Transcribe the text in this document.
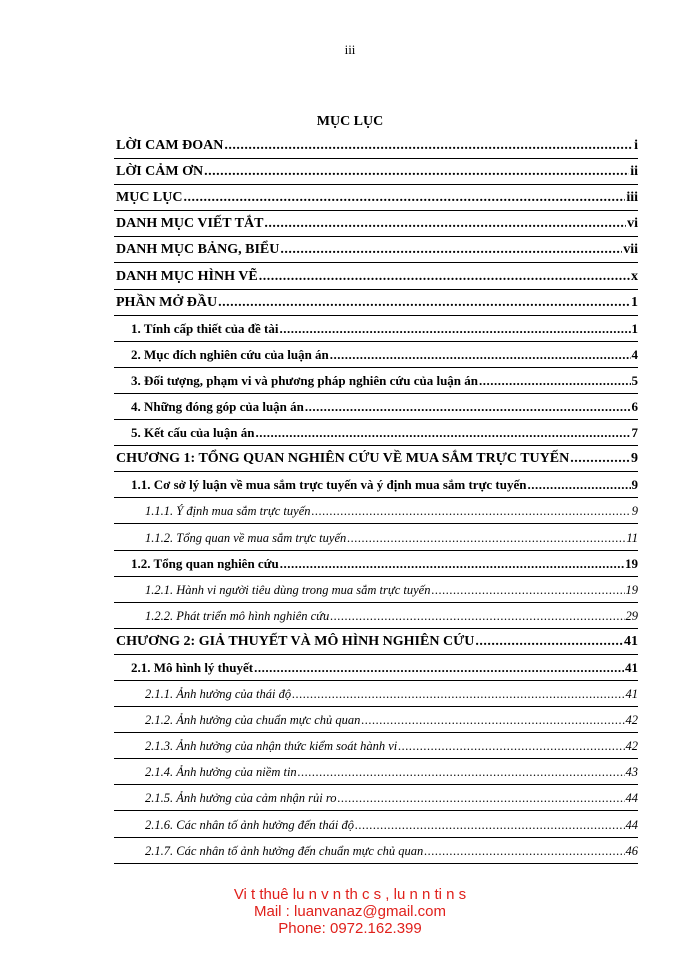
iii
MỤC LỤC
LỜI CAM ĐOAN .....	i
LỜI CẢM ƠN .....	ii
MỤC LỤC .....	iii
DANH MỤC VIẾT TẮT .....	vi
DANH MỤC BẢNG, BIỂU .....	vii
DANH MỤC HÌNH VẼ .....	x
PHẦN MỞ ĐẦU .....	1
1. Tính cấp thiết của đề tài .....	1
2. Mục đích nghiên cứu của luận án .....	4
3. Đối tượng, phạm vi và phương pháp nghiên cứu của luận án .....	5
4. Những đóng góp của luận án .....	6
5. Kết cấu của luận án .....	7
CHƯƠNG 1: TỔNG QUAN NGHIÊN CỨU VỀ MUA SẮM TRỰC TUYẾN .....	9
1.1. Cơ sở lý luận về mua sắm trực tuyến và ý định mua sắm trực tuyến .....	9
1.1.1. Ý định mua sắm trực tuyến .....	9
1.1.2. Tổng quan về mua sắm trực tuyến .....	11
1.2. Tổng quan nghiên cứu .....	19
1.2.1. Hành vi người tiêu dùng trong mua sắm trực tuyến .....	19
1.2.2. Phát triển mô hình nghiên cứu .....	29
CHƯƠNG 2: GIẢ THUYẾT VÀ MÔ HÌNH NGHIÊN CỨU .....	41
2.1. Mô hình lý thuyết .....	41
2.1.1. Ảnh hưởng của thái độ .....	41
2.1.2. Ảnh hưởng của chuẩn mực chủ quan .....	42
2.1.3. Ảnh hưởng của nhận thức kiểm soát hành vi .....	42
2.1.4. Ảnh hưởng của niềm tin .....	43
2.1.5. Ảnh hưởng của cảm nhận rủi ro .....	44
2.1.6. Các nhân tố ảnh hưởng đến thái độ .....	44
2.1.7. Các nhân tố ảnh hưởng đến chuẩn mực chủ quan .....	46
Vi t thuê lu n v n th c s , lu n n ti n s
Mail : luanvanaz@gmail.com
Phone: 0972.162.399
